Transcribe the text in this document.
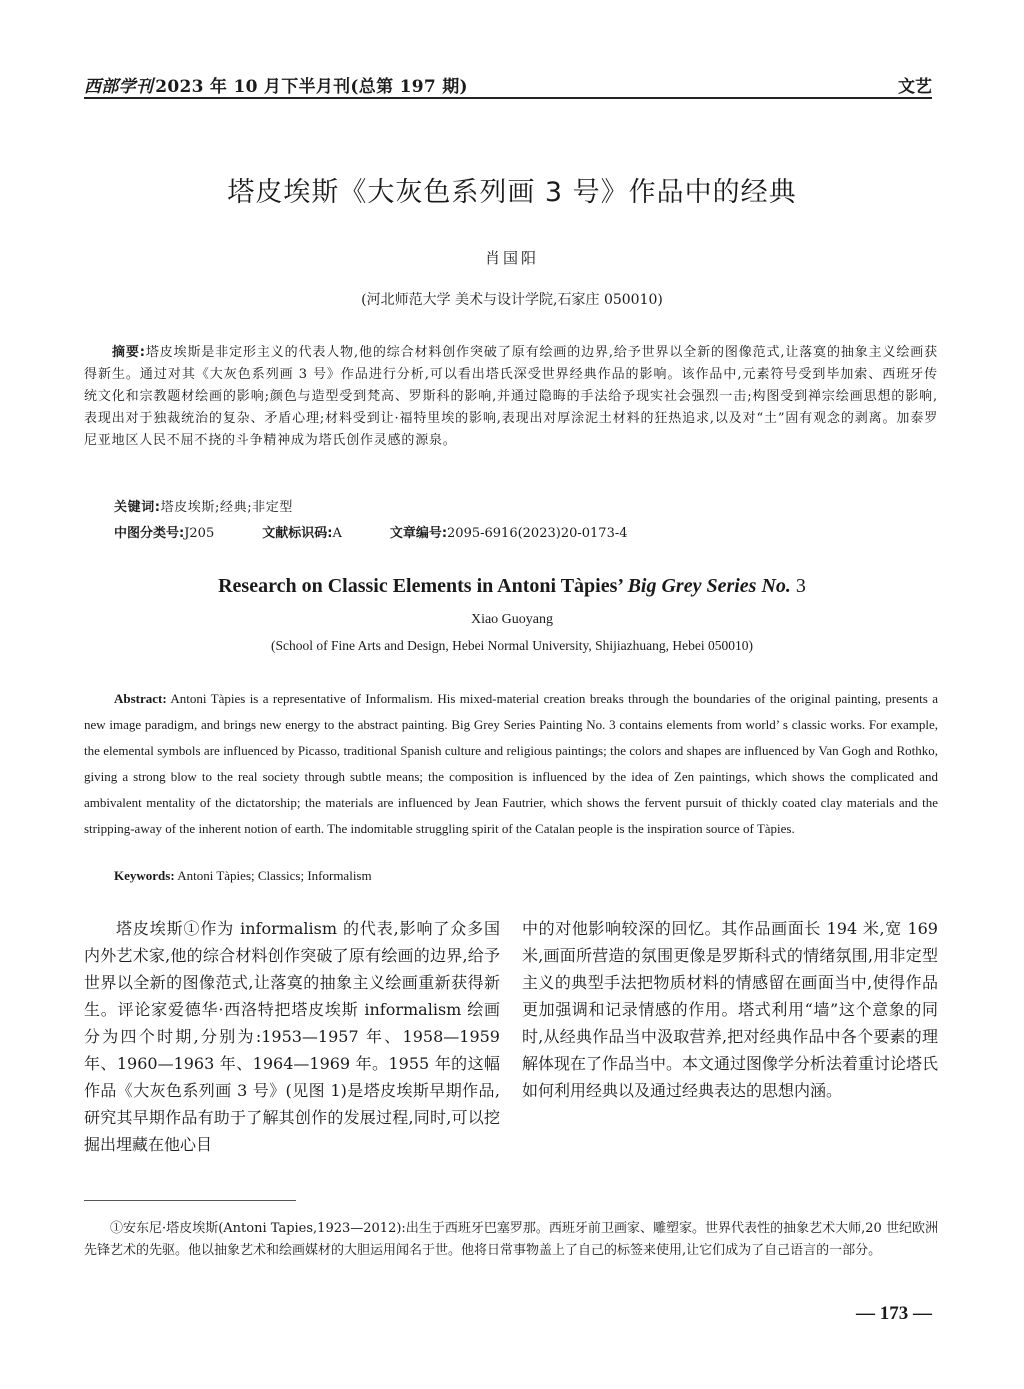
西部学刊 2023 年 10 月下半月刊(总第 197 期)	文艺
塔皮埃斯《大灰色系列画 3 号》作品中的经典
肖国阳
(河北师范大学 美术与设计学院,石家庄 050010)
摘要:塔皮埃斯是非定形主义的代表人物,他的综合材料创作突破了原有绘画的边界,给予世界以全新的图像范式,让落寞的抽象主义绘画获得新生。通过对其《大灰色系列画 3 号》作品进行分析,可以看出塔氏深受世界经典作品的影响。该作品中,元素符号受到毕加索、西班牙传统文化和宗教题材绘画的影响;颜色与造型受到梵高、罗斯科的影响,并通过隐晦的手法给予现实社会强烈一击;构图受到禅宗绘画思想的影响,表现出对于独裁统治的复杂、矛盾心理;材料受到让·福特里埃的影响,表现出对厚涂泥土材料的狂热追求,以及对“土”固有观念的剥离。加泰罗尼亚地区人民不屈不挠的斗争精神成为塔氏创作灵感的源泉。
关键词:塔皮埃斯;经典;非定型
中图分类号:J205	文献标识码:A	文章编号:2095-6916(2023)20-0173-4
Research on Classic Elements in Antoni Tàpies’ Big Grey Series No. 3
Xiao Guoyang
(School of Fine Arts and Design, Hebei Normal University, Shijiazhuang, Hebei 050010)
Abstract: Antoni Tàpies is a representative of Informalism. His mixed-material creation breaks through the boundaries of the original painting, presents a new image paradigm, and brings new energy to the abstract painting. Big Grey Series Painting No. 3 contains elements from world’ s classic works. For example, the elemental symbols are influenced by Picasso, traditional Spanish culture and religious paintings; the colors and shapes are influenced by Van Gogh and Rothko, giving a strong blow to the real society through subtle means; the composition is influenced by the idea of Zen paintings, which shows the complicated and ambivalent mentality of the dictatorship; the materials are influenced by Jean Fautrier, which shows the fervent pursuit of thickly coated clay materials and the stripping-away of the inherent notion of earth. The indomitable struggling spirit of the Catalan people is the inspiration source of Tàpies.
Keywords: Antoni Tàpies; Classics; Informalism
塔皮埃斯①作为 informalism 的代表,影响了众多国内外艺术家,他的综合材料创作突破了原有绘画的边界,给予世界以全新的图像范式,让落寞的抽象主义绘画重新获得新生。评论家爱德华·西洛特把塔皮埃斯 informalism 绘画分为四个时期,分别为:1953—1957 年、1958—1959 年、1960—1963 年、1964—1969 年。1955 年的这幅作品《大灰色系列画 3 号》(见图 1)是塔皮埃斯早期作品,研究其早期作品有助于了解其创作的发展过程,同时,可以挖掘出埋藏在他心目
中的对他影响较深的回忆。其作品画面长 194 米,宽 169 米,画面所营造的氛围更像是罗斯科式的情绪氛围,用非定型主义的典型手法把物质材料的情感留在画面当中,使得作品更加强调和记录情感的作用。塔式利用“墙”这个意象的同时,从经典作品当中汲取营养,把对经典作品中各个要素的理解体现在了作品当中。本文通过图像学分析法着重讨论塔氏如何利用经典以及通过经典表达的思想内涵。
①安东尼·塔皮埃斯(Antoni Tapies,1923—2012):出生于西班牙巴塞罗那。西班牙前卫画家、雕塑家。世界代表性的抽象艺术大师,20 世纪欧洲先锋艺术的先驱。他以抽象艺术和绘画媒材的大胆运用闻名于世。他将日常事物盖上了自己的标签来使用,让它们成为了自己语言的一部分。
— 173 —
